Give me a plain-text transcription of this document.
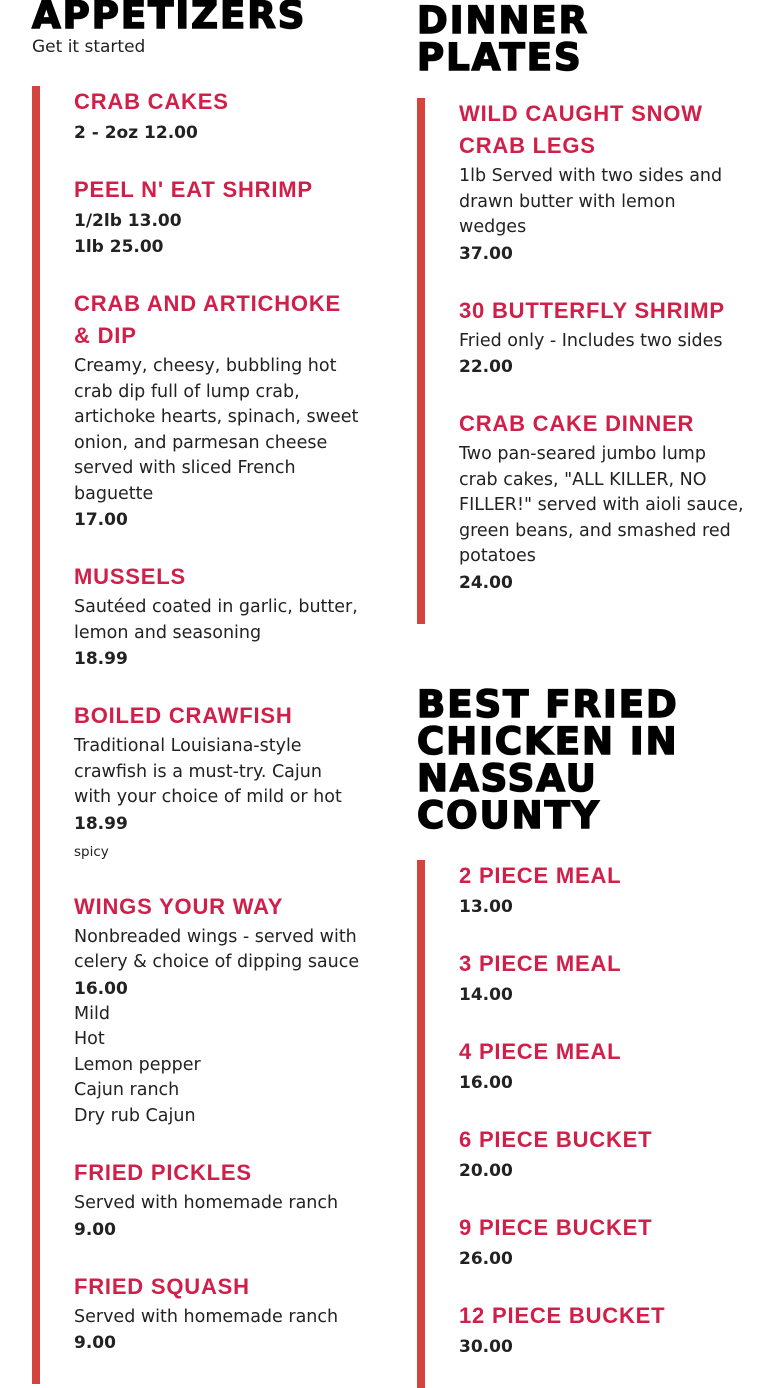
APPETIZERS
Get it started
CRAB CAKES
2 - 2oz 12.00
PEEL N' EAT SHRIMP
1/2lb 13.00
1lb 25.00
CRAB AND ARTICHOKE & DIP
Creamy, cheesy, bubbling hot crab dip full of lump crab, artichoke hearts, spinach, sweet onion, and parmesan cheese served with sliced French baguette
17.00
MUSSELS
Sautéed coated in garlic, butter, lemon and seasoning
18.99
BOILED CRAWFISH
Traditional Louisiana-style crawfish is a must-try. Cajun with your choice of mild or hot
18.99
spicy
WINGS YOUR WAY
Nonbreaded wings - served with celery & choice of dipping sauce
16.00
Mild
Hot
Lemon pepper
Cajun ranch
Dry rub Cajun
FRIED PICKLES
Served with homemade ranch
9.00
FRIED SQUASH
Served with homemade ranch
9.00
DINNER PLATES
WILD CAUGHT SNOW CRAB LEGS
1lb Served with two sides and drawn butter with lemon wedges
37.00
30 BUTTERFLY SHRIMP
Fried only - Includes two sides
22.00
CRAB CAKE DINNER
Two pan-seared jumbo lump crab cakes, "ALL KILLER, NO FILLER!" served with aioli sauce, green beans, and smashed red potatoes
24.00
BEST FRIED CHICKEN IN NASSAU COUNTY
2 PIECE MEAL
13.00
3 PIECE MEAL
14.00
4 PIECE MEAL
16.00
6 PIECE BUCKET
20.00
9 PIECE BUCKET
26.00
12 PIECE BUCKET
30.00
